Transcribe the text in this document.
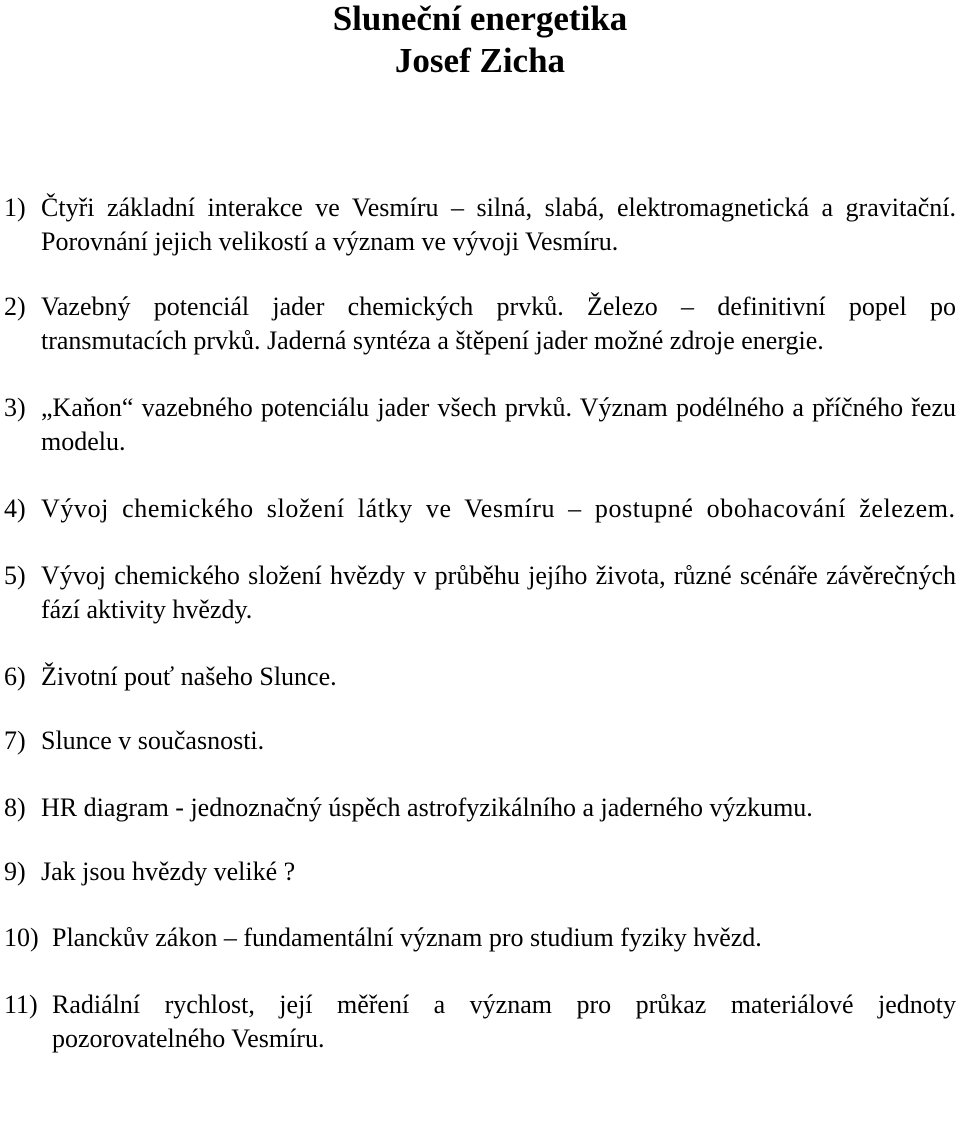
Sluneční energetika
Josef Zicha
1) Čtyři základní interakce ve Vesmíru – silná, slabá, elektromagnetická a gravitační. Porovnání jejich velikostí a význam ve vývoji Vesmíru.
2) Vazebný potenciál jader chemických prvků. Železo – definitivní popel po transmutacích prvků. Jaderná syntéza a štěpení jader možné zdroje energie.
3) „Kaňon“ vazebného potenciálu jader všech prvků. Význam podélného a příčného řezu modelu.
4) Vývoj chemického složení látky ve Vesmíru – postupné obohacování železem.
5) Vývoj chemického složení hvězdy v průběhu jejího života, různé scénáře závěrečných fází aktivity hvězdy.
6) Životní pouť našeho Slunce.
7) Slunce v současnosti.
8) HR diagram - jednoznačný úspěch astrofyzikálního a jaderného výzkumu.
9) Jak jsou hvězdy veliké ?
10) Planckův zákon – fundamentální význam pro studium fyziky hvězd.
11) Radiální rychlost, její měření a význam pro průkaz materiálové jednoty pozorovatelného Vesmíru.
